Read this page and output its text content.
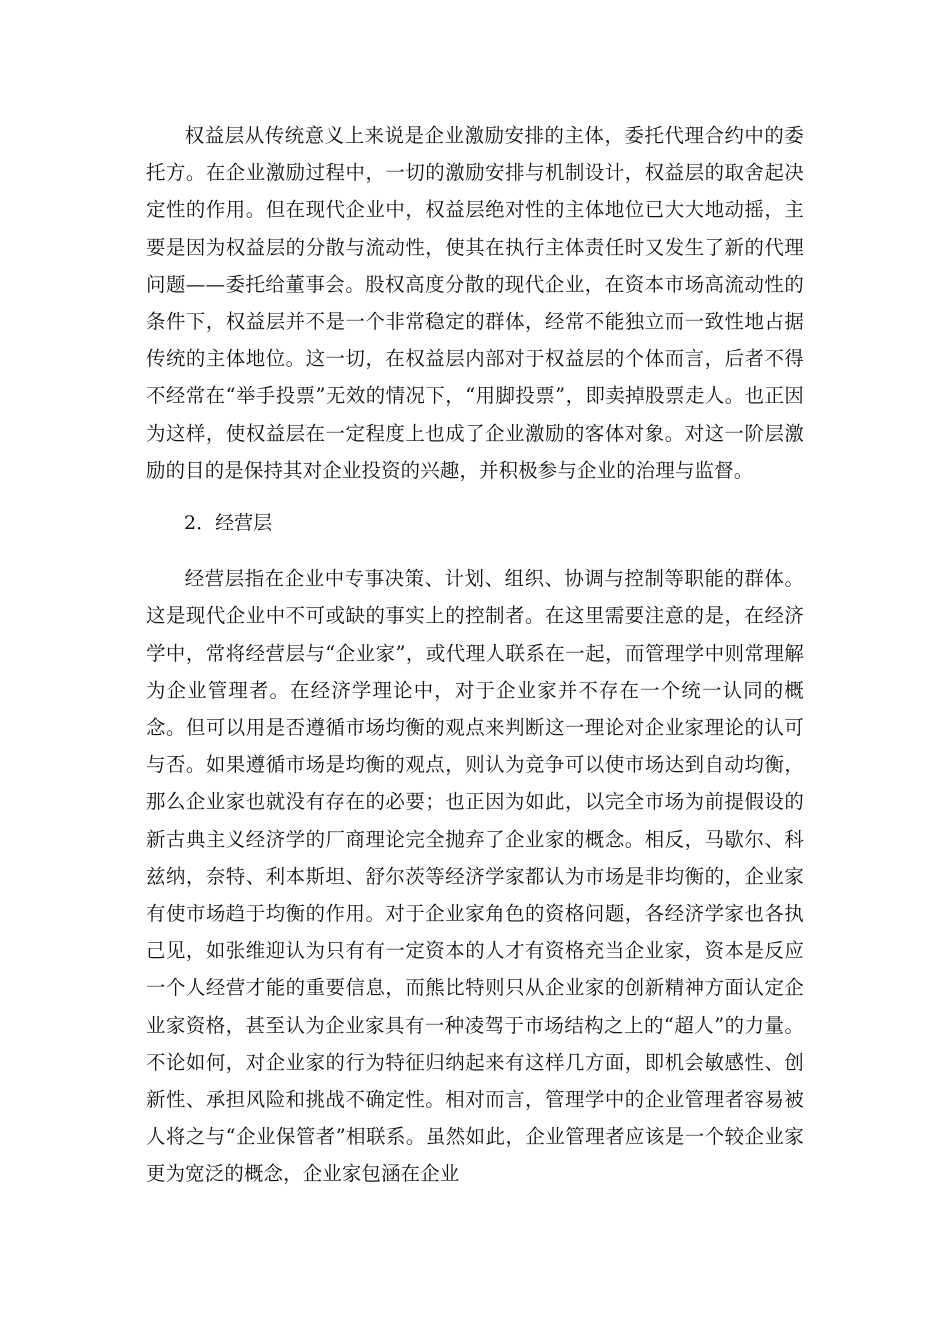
权益层从传统意义上来说是企业激励安排的主体，委托代理合约中的委托方。在企业激励过程中，一切的激励安排与机制设计，权益层的取舍起决定性的作用。但在现代企业中，权益层绝对性的主体地位已大大地动摇，主要是因为权益层的分散与流动性，使其在执行主体责任时又发生了新的代理问题——委托给董事会。股权高度分散的现代企业，在资本市场高流动性的条件下，权益层并不是一个非常稳定的群体，经常不能独立而一致性地占据传统的主体地位。这一切，在权益层内部对于权益层的个体而言，后者不得不经常在“举手投票”无效的情况下，“用脚投票”，即卖掉股票走人。也正因为这样，使权益层在一定程度上也成了企业激励的客体对象。对这一阶层激励的目的是保持其对企业投资的兴趣，并积极参与企业的治理与监督。

2．经营层

经营层指在企业中专事决策、计划、组织、协调与控制等职能的群体。这是现代企业中不可或缺的事实上的控制者。在这里需要注意的是，在经济学中，常将经营层与“企业家”，或代理人联系在一起，而管理学中则常理解为企业管理者。在经济学理论中，对于企业家并不存在一个统一认同的概念。但可以用是否遵循市场均衡的观点来判断这一理论对企业家理论的认可与否。如果遵循市场是均衡的观点，则认为竞争可以使市场达到自动均衡，那么企业家也就没有存在的必要；也正因为如此，以完全市场为前提假设的新古典主义经济学的厂商理论完全抛弃了企业家的概念。相反，马歇尔、科兹纳，奈特、利本斯坦、舒尔茨等经济学家都认为市场是非均衡的，企业家有使市场趋于均衡的作用。对于企业家角色的资格问题，各经济学家也各执己见，如张维迎认为只有有一定资本的人才有资格充当企业家，资本是反应一个人经营才能的重要信息，而熊比特则只从企业家的创新精神方面认定企业家资格，甚至认为企业家具有一种凌驾于市场结构之上的“超人”的力量。不论如何，对企业家的行为特征归纳起来有这样几方面，即机会敏感性、创新性、承担风险和挑战不确定性。相对而言，管理学中的企业管理者容易被人将之与“企业保管者”相联系。虽然如此，企业管理者应该是一个较企业家更为宽泛的概念，企业家包涵在企业
